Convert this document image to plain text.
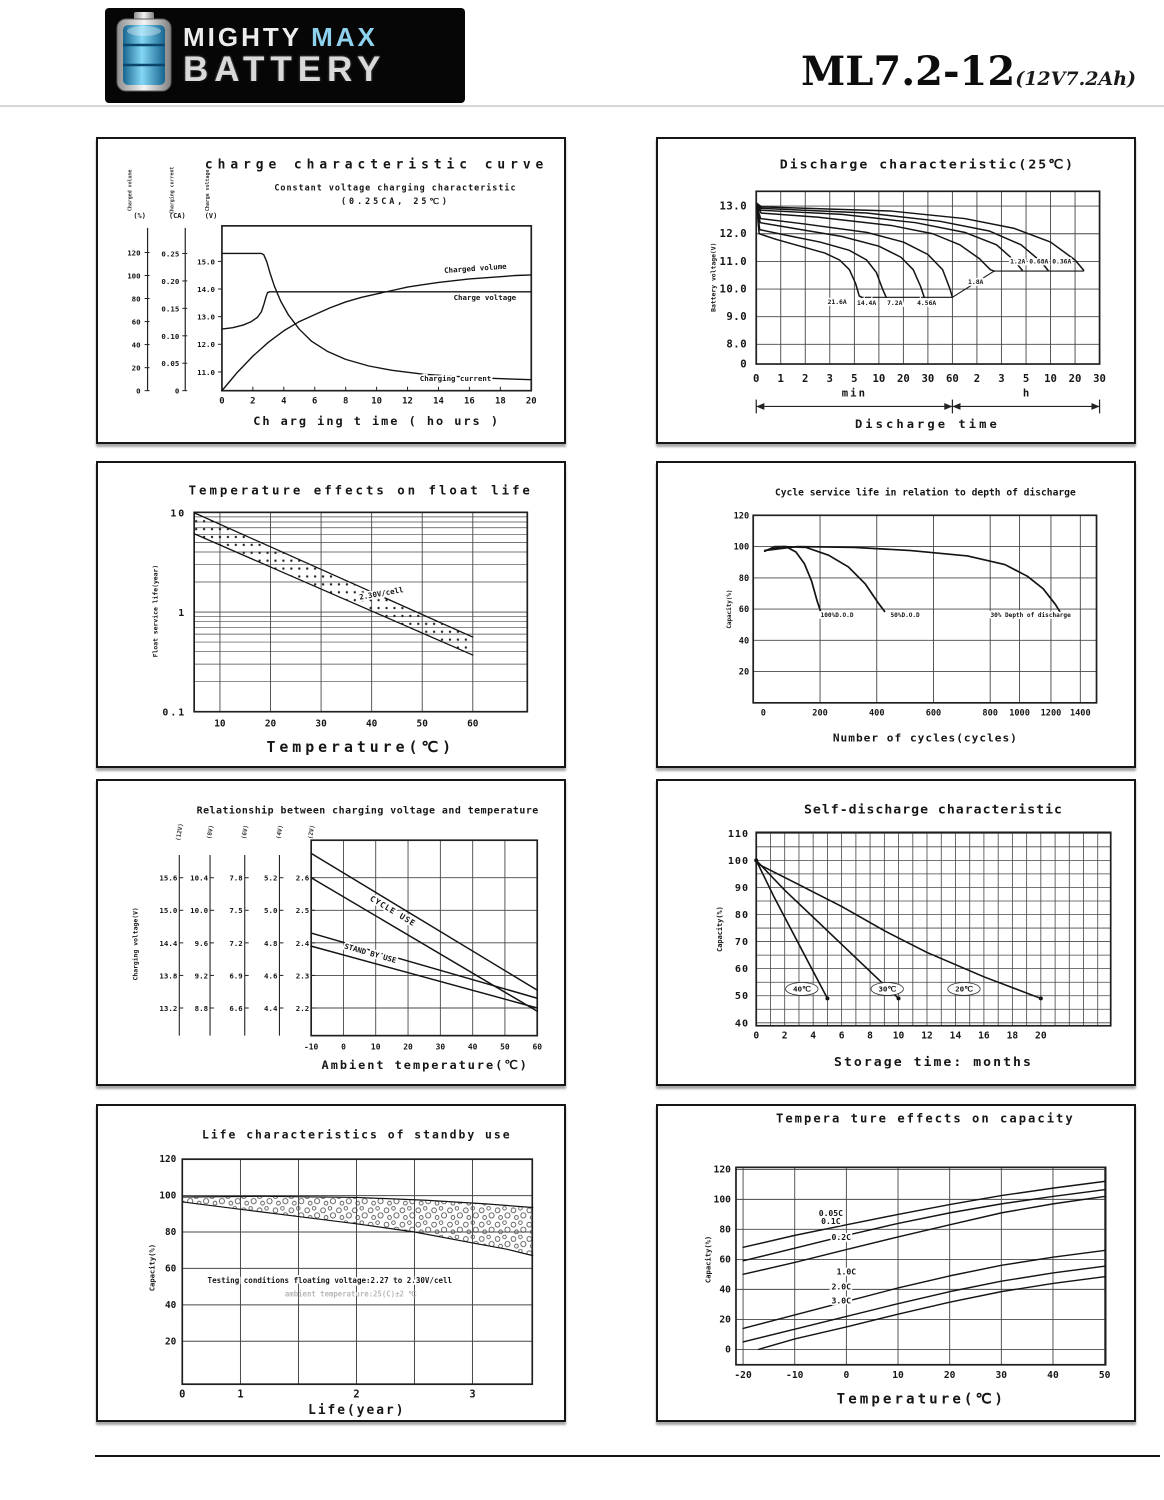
MIGHTY MAX
BATTERY	ML7.2-12(12V7.2Ah)
charge characteristic curve
Constant voltage charging characteristic
(0.25CA, 25℃)
0
20
40
60
80
100
120
0
0.05
0.10
0.15
0.20
0.25
11.0
12.0
13.0
14.0
15.0
(%)	(CA)	(V)
Charged volume	Charging current	Charge voltage
0	2	4	6	8	10 12 14 16 18 20
Ch arg ing t ime ( ho urs )
Charged volume
Charge voltage
Charging current
Discharge characteristic(25℃)
13.0
12.0
11.0
10.0
9.0
8.0
0
Battery voltage(V)	21.6A 14.4A 7.2A 4.56A
1.8A
1.2A 0.68A 0.36A
0 1 2 3 5 10 20 30 60 2 3 5 10 20 30
min	h
Discharge time
Temperature effects on float life
10
1
0.1
Float service life(year)	2.30V/cell
10	20	30	40	50	60
Temperature(℃)
Cycle service life in relation to depth of discharge
20
40
60
80
100
120
Capacity(%)	100%D.O.D	50%D.O.D	30% Depth of discharge
0	200	400	600	800 1000 1200 1400
Number of cycles(cycles)
Relationship between charging voltage and temperature
15.6
15.0
14.4
13.8
13.2
(12V)
10.4
10.0
9.6
9.2
8.8
(8V)
7.8
7.5
7.2
6.9
6.6
(6V)
5.2
5.0
4.8
4.6
4.4
(4V)
2.6
2.5
2.4
2.3
2.2
(2V)
Charging voltage(V)	CYCLE USE
STAND BY USE
-10	0	10	20	30	40	50	60
Ambient temperature(℃)
Self-discharge characteristic
40
50
60
70
80
90
100
110
Capacity(%)
40℃	30℃	20℃
0 2 4 6 8 10 12 14 16 18 20
Storage time: months
Life characteristics of standby use
Testing conditions floating voltage:2.27 to 2.30V/cell
ambient temperature:25(C)±2 ℃
20
40
60
80
100
120
Capacity(%)
0	1	2	3
Life(year)
Tempera ture effects on capacity
0
20
40
60
80
100
120
Capacity(%)
0.05C
0.1C
0.2C
1.0C
2.0C
3.0C
-20	-10	0	10	20	30	40	50
Temperature(℃)
